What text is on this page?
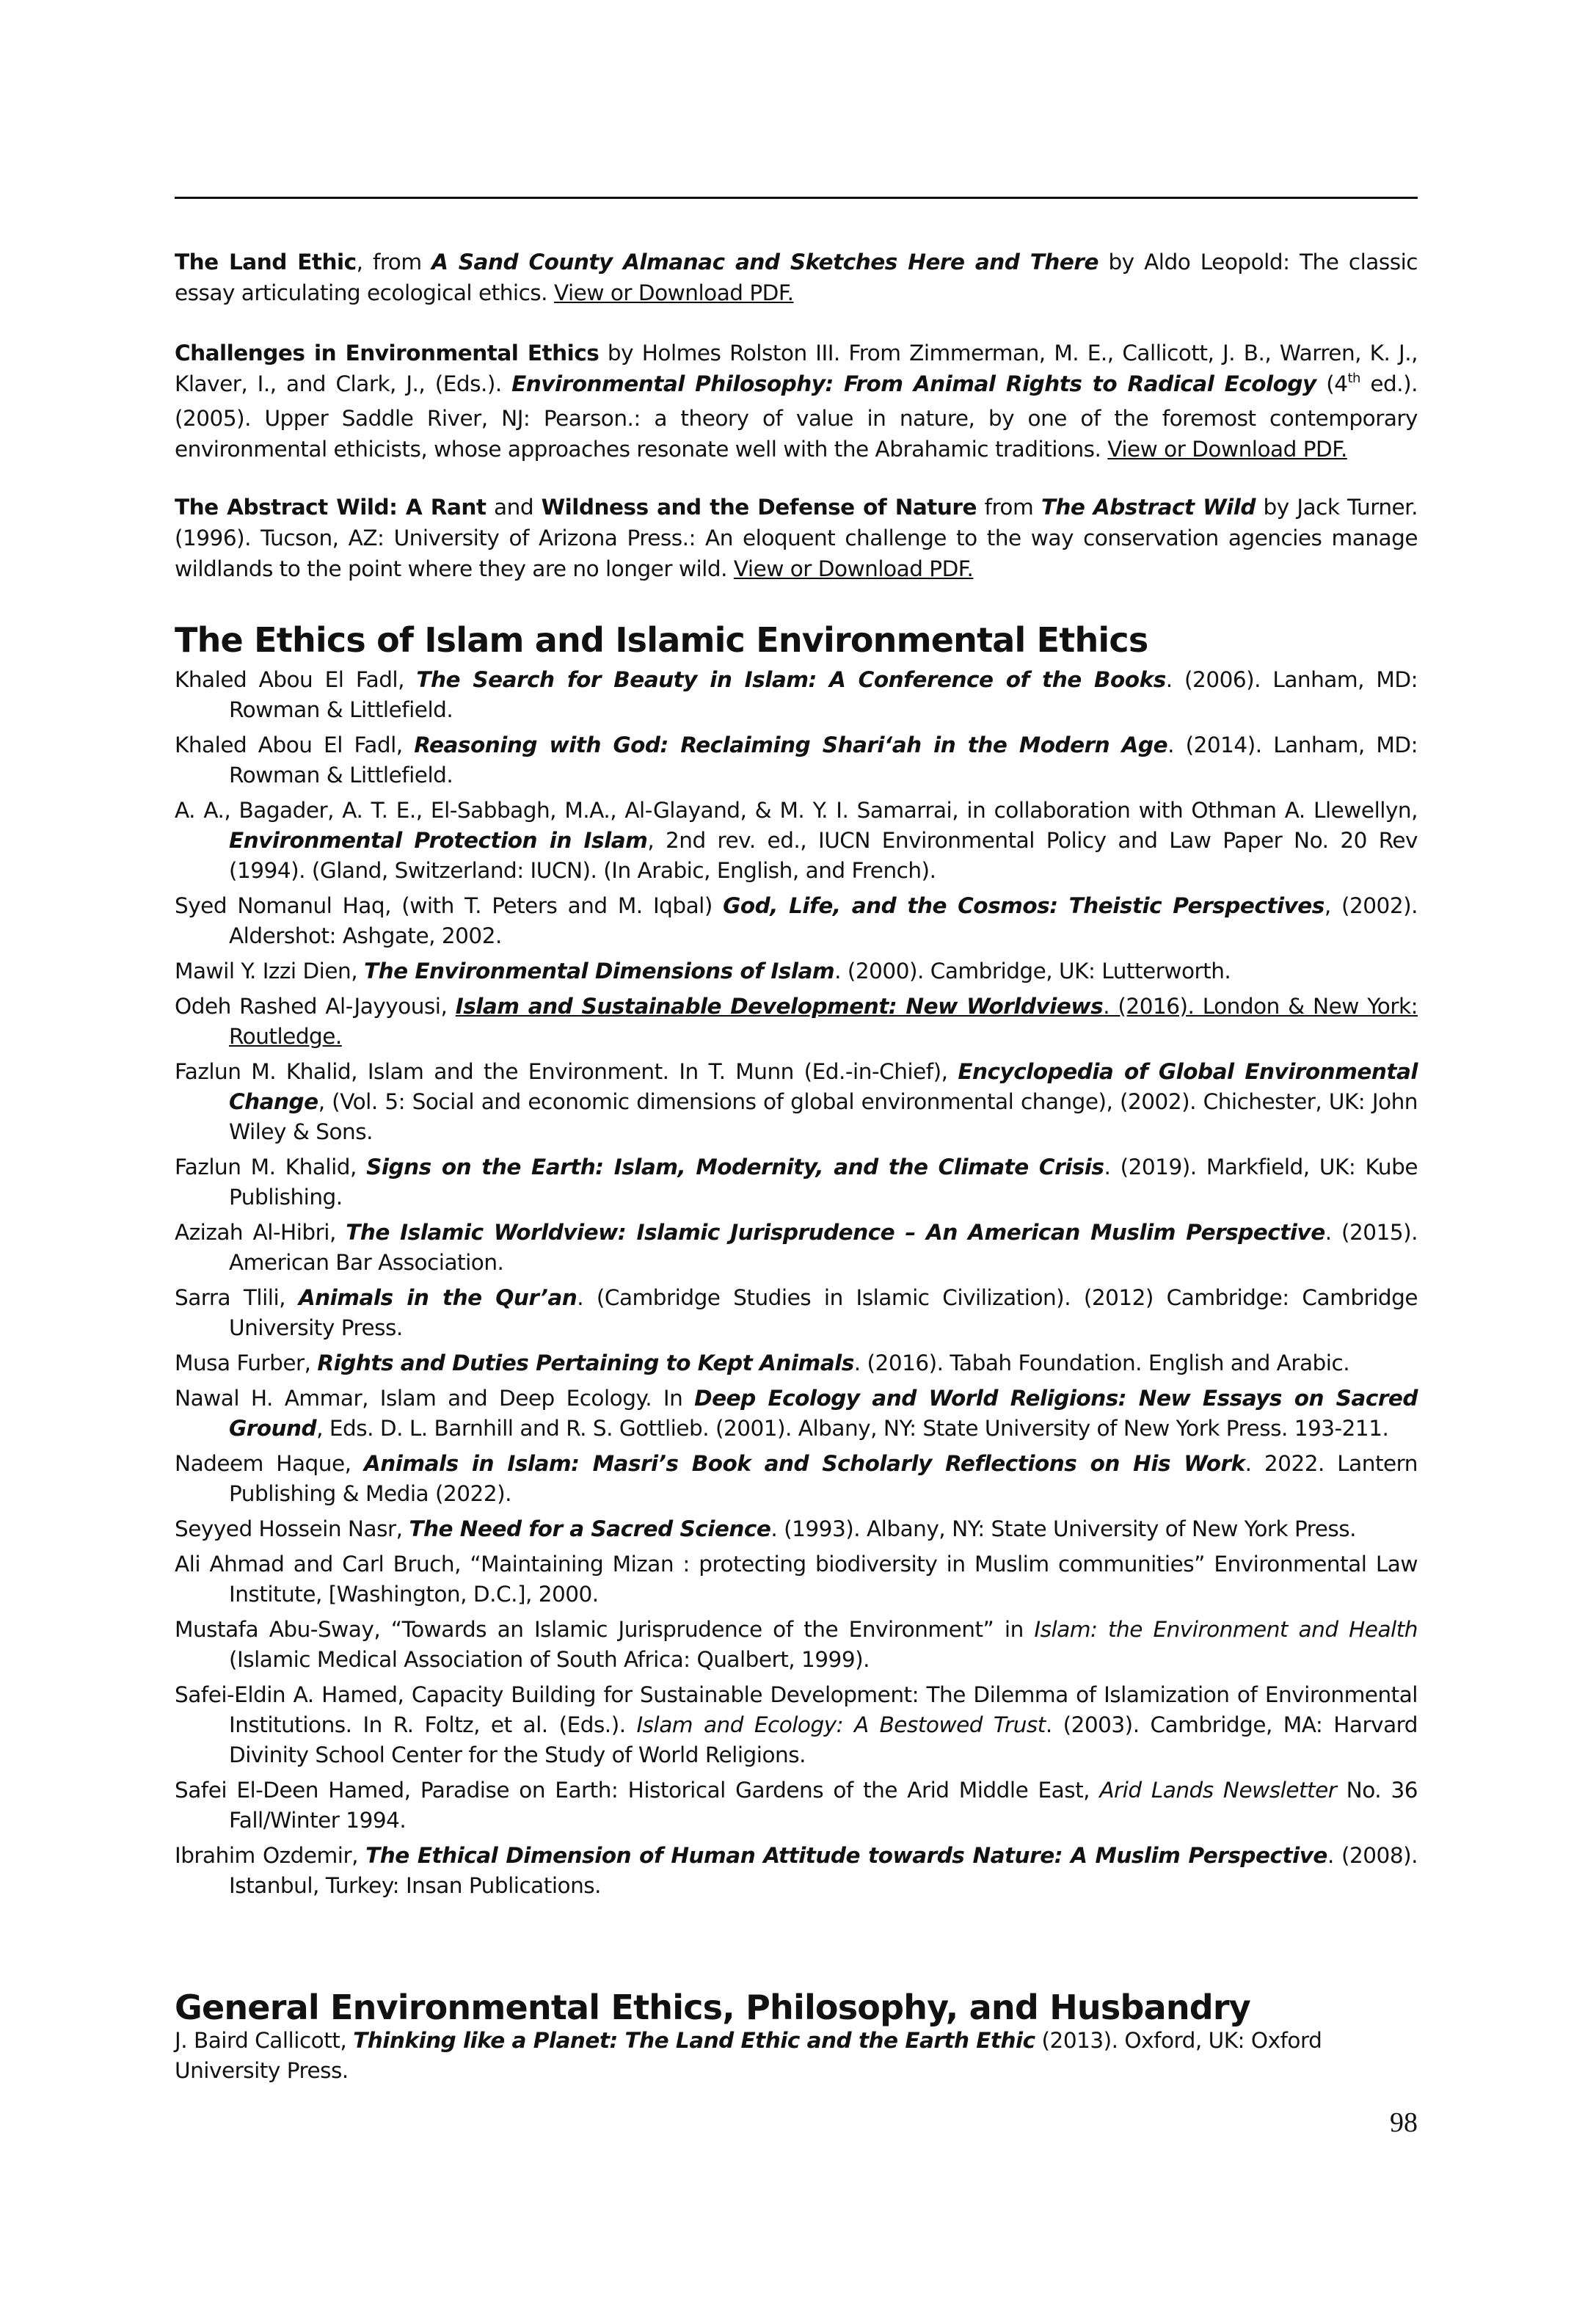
The Land Ethic, from A Sand County Almanac and Sketches Here and There by Aldo Leopold: The classic essay articulating ecological ethics. View or Download PDF.
Challenges in Environmental Ethics by Holmes Rolston III. From Zimmerman, M. E., Callicott, J. B., Warren, K. J., Klaver, I., and Clark, J., (Eds.). Environmental Philosophy: From Animal Rights to Radical Ecology (4th ed.). (2005). Upper Saddle River, NJ: Pearson.: a theory of value in nature, by one of the foremost contemporary environmental ethicists, whose approaches resonate well with the Abrahamic traditions. View or Download PDF.
The Abstract Wild: A Rant and Wildness and the Defense of Nature from The Abstract Wild by Jack Turner. (1996). Tucson, AZ: University of Arizona Press.: An eloquent challenge to the way conservation agencies manage wildlands to the point where they are no longer wild. View or Download PDF.
The Ethics of Islam and Islamic Environmental Ethics
Khaled Abou El Fadl, The Search for Beauty in Islam: A Conference of the Books. (2006). Lanham, MD: Rowman & Littlefield.
Khaled Abou El Fadl, Reasoning with God: Reclaiming Shari‘ah in the Modern Age. (2014). Lanham, MD: Rowman & Littlefield.
A. A., Bagader, A. T. E., El-Sabbagh, M.A., Al-Glayand, & M. Y. I. Samarrai, in collaboration with Othman A. Llewellyn, Environmental Protection in Islam, 2nd rev. ed., IUCN Environmental Policy and Law Paper No. 20 Rev (1994). (Gland, Switzerland: IUCN). (In Arabic, English, and French).
Syed Nomanul Haq, (with T. Peters and M. Iqbal) God, Life, and the Cosmos: Theistic Perspectives, (2002). Aldershot: Ashgate, 2002.
Mawil Y. Izzi Dien, The Environmental Dimensions of Islam. (2000). Cambridge, UK: Lutterworth.
Odeh Rashed Al-Jayyousi, Islam and Sustainable Development: New Worldviews. (2016). London & New York: Routledge.
Fazlun M. Khalid, Islam and the Environment. In T. Munn (Ed.-in-Chief), Encyclopedia of Global Environmental Change, (Vol. 5: Social and economic dimensions of global environmental change), (2002). Chichester, UK: John Wiley & Sons.
Fazlun M. Khalid, Signs on the Earth: Islam, Modernity, and the Climate Crisis. (2019). Markfield, UK: Kube Publishing.
Azizah Al-Hibri, The Islamic Worldview: Islamic Jurisprudence – An American Muslim Perspective. (2015). American Bar Association.
Sarra Tlili, Animals in the Qur’an. (Cambridge Studies in Islamic Civilization). (2012) Cambridge: Cambridge University Press.
Musa Furber, Rights and Duties Pertaining to Kept Animals. (2016). Tabah Foundation. English and Arabic.
Nawal H. Ammar, Islam and Deep Ecology. In Deep Ecology and World Religions: New Essays on Sacred Ground, Eds. D. L. Barnhill and R. S. Gottlieb. (2001). Albany, NY: State University of New York Press. 193-211.
Nadeem Haque, Animals in Islam: Masri’s Book and Scholarly Reflections on His Work. 2022. Lantern Publishing & Media (2022).
Seyyed Hossein Nasr, The Need for a Sacred Science. (1993). Albany, NY: State University of New York Press.
Ali Ahmad and Carl Bruch, “Maintaining Mizan : protecting biodiversity in Muslim communities” Environmental Law Institute, [Washington, D.C.], 2000.
Mustafa Abu-Sway, “Towards an Islamic Jurisprudence of the Environment” in Islam: the Environment and Health (Islamic Medical Association of South Africa: Qualbert, 1999).
Safei-Eldin A. Hamed, Capacity Building for Sustainable Development: The Dilemma of Islamization of Environmental Institutions. In R. Foltz, et al. (Eds.). Islam and Ecology: A Bestowed Trust. (2003). Cambridge, MA: Harvard Divinity School Center for the Study of World Religions.
Safei El-Deen Hamed, Paradise on Earth: Historical Gardens of the Arid Middle East, Arid Lands Newsletter No. 36 Fall/Winter 1994.
Ibrahim Ozdemir, The Ethical Dimension of Human Attitude towards Nature: A Muslim Perspective. (2008). Istanbul, Turkey: Insan Publications.
General Environmental Ethics, Philosophy, and Husbandry
J. Baird Callicott, Thinking like a Planet: The Land Ethic and the Earth Ethic (2013). Oxford, UK: Oxford University Press.
98
